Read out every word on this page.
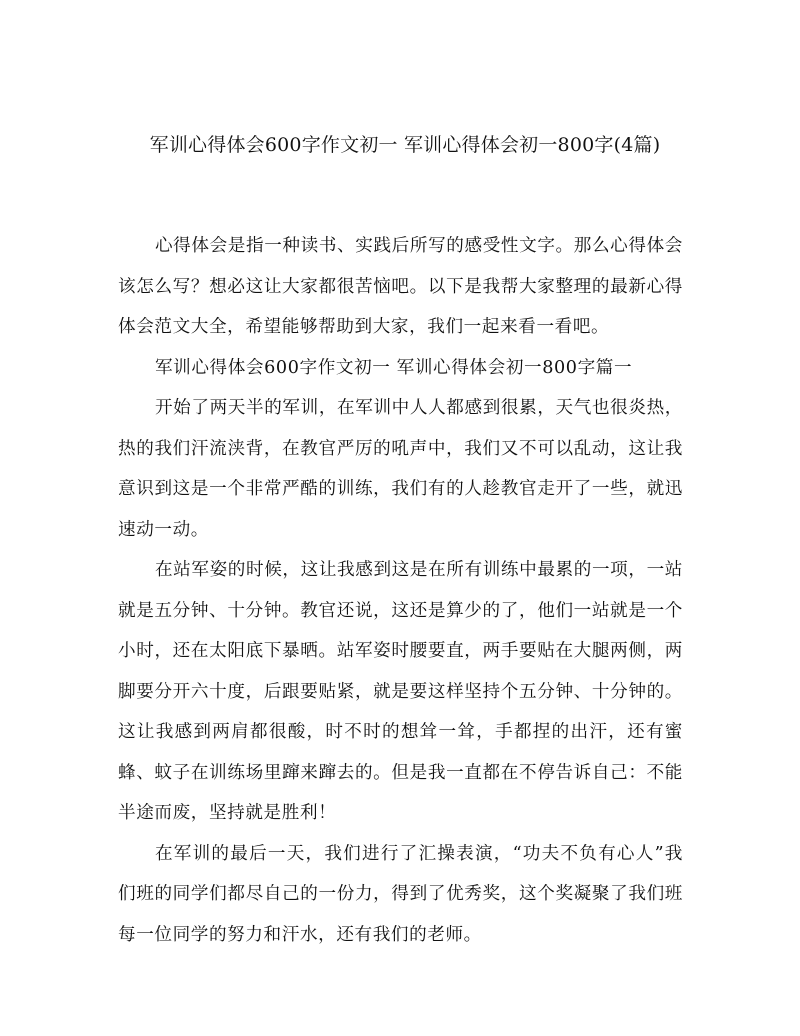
军训心得体会600字作文初一 军训心得体会初一800字(4篇)

心得体会是指一种读书、实践后所写的感受性文字。那么心得体会该怎么写？想必这让大家都很苦恼吧。以下是我帮大家整理的最新心得体会范文大全，希望能够帮助到大家，我们一起来看一看吧。

军训心得体会600字作文初一 军训心得体会初一800字篇一

开始了两天半的军训，在军训中人人都感到很累，天气也很炎热，热的我们汗流浃背，在教官严厉的吼声中，我们又不可以乱动，这让我意识到这是一个非常严酷的训练，我们有的人趁教官走开了一些，就迅速动一动。

在站军姿的时候，这让我感到这是在所有训练中最累的一项，一站就是五分钟、十分钟。教官还说，这还是算少的了，他们一站就是一个小时，还在太阳底下暴晒。站军姿时腰要直，两手要贴在大腿两侧，两脚要分开六十度，后跟要贴紧，就是要这样坚持个五分钟、十分钟的。这让我感到两肩都很酸，时不时的想耸一耸，手都捏的出汗，还有蜜蜂、蚊子在训练场里蹿来蹿去的。但是我一直都在不停告诉自己：不能半途而废，坚持就是胜利！

在军训的最后一天，我们进行了汇操表演，“功夫不负有心人”我们班的同学们都尽自己的一份力，得到了优秀奖，这个奖凝聚了我们班每一位同学的努力和汗水，还有我们的老师。
